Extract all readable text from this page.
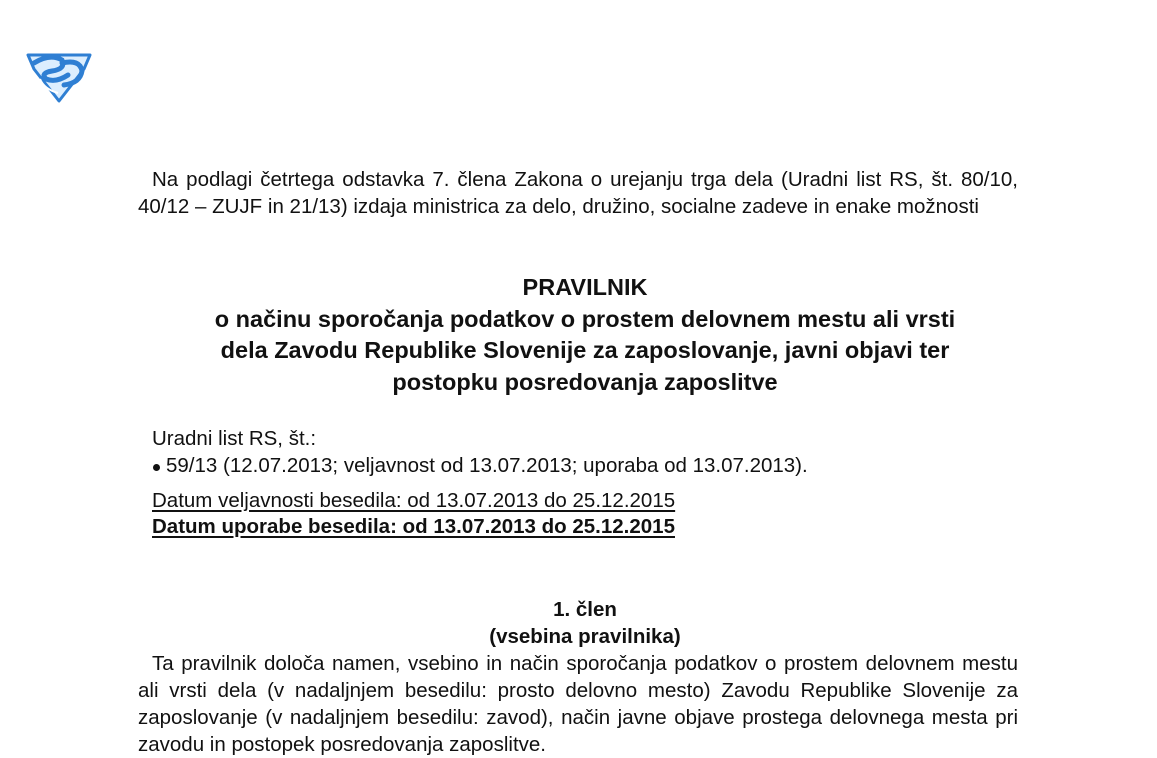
Na podlagi četrtega odstavka 7. člena Zakona o urejanju trga dela (Uradni list RS, št. 80/10, 40/12 – ZUJF in 21/13) izdaja ministrica za delo, družino, socialne zadeve in enake možnosti
PRAVILNIK
o načinu sporočanja podatkov o prostem delovnem mestu ali vrsti
dela Zavodu Republike Slovenije za zaposlovanje, javni objavi ter
postopku posredovanja zaposlitve
Uradni list RS, št.:
59/13 (12.07.2013; veljavnost od 13.07.2013; uporaba od 13.07.2013).
Datum veljavnosti besedila: od 13.07.2013 do 25.12.2015
Datum uporabe besedila: od 13.07.2013 do 25.12.2015
1. člen
(vsebina pravilnika)
Ta pravilnik določa namen, vsebino in način sporočanja podatkov o prostem delovnem mestu ali vrsti dela (v nadaljnjem besedilu: prosto delovno mesto) Zavodu Republike Slovenije za zaposlovanje (v nadaljnjem besedilu: zavod), način javne objave prostega delovnega mesta pri zavodu in postopek posredovanja zaposlitve.
